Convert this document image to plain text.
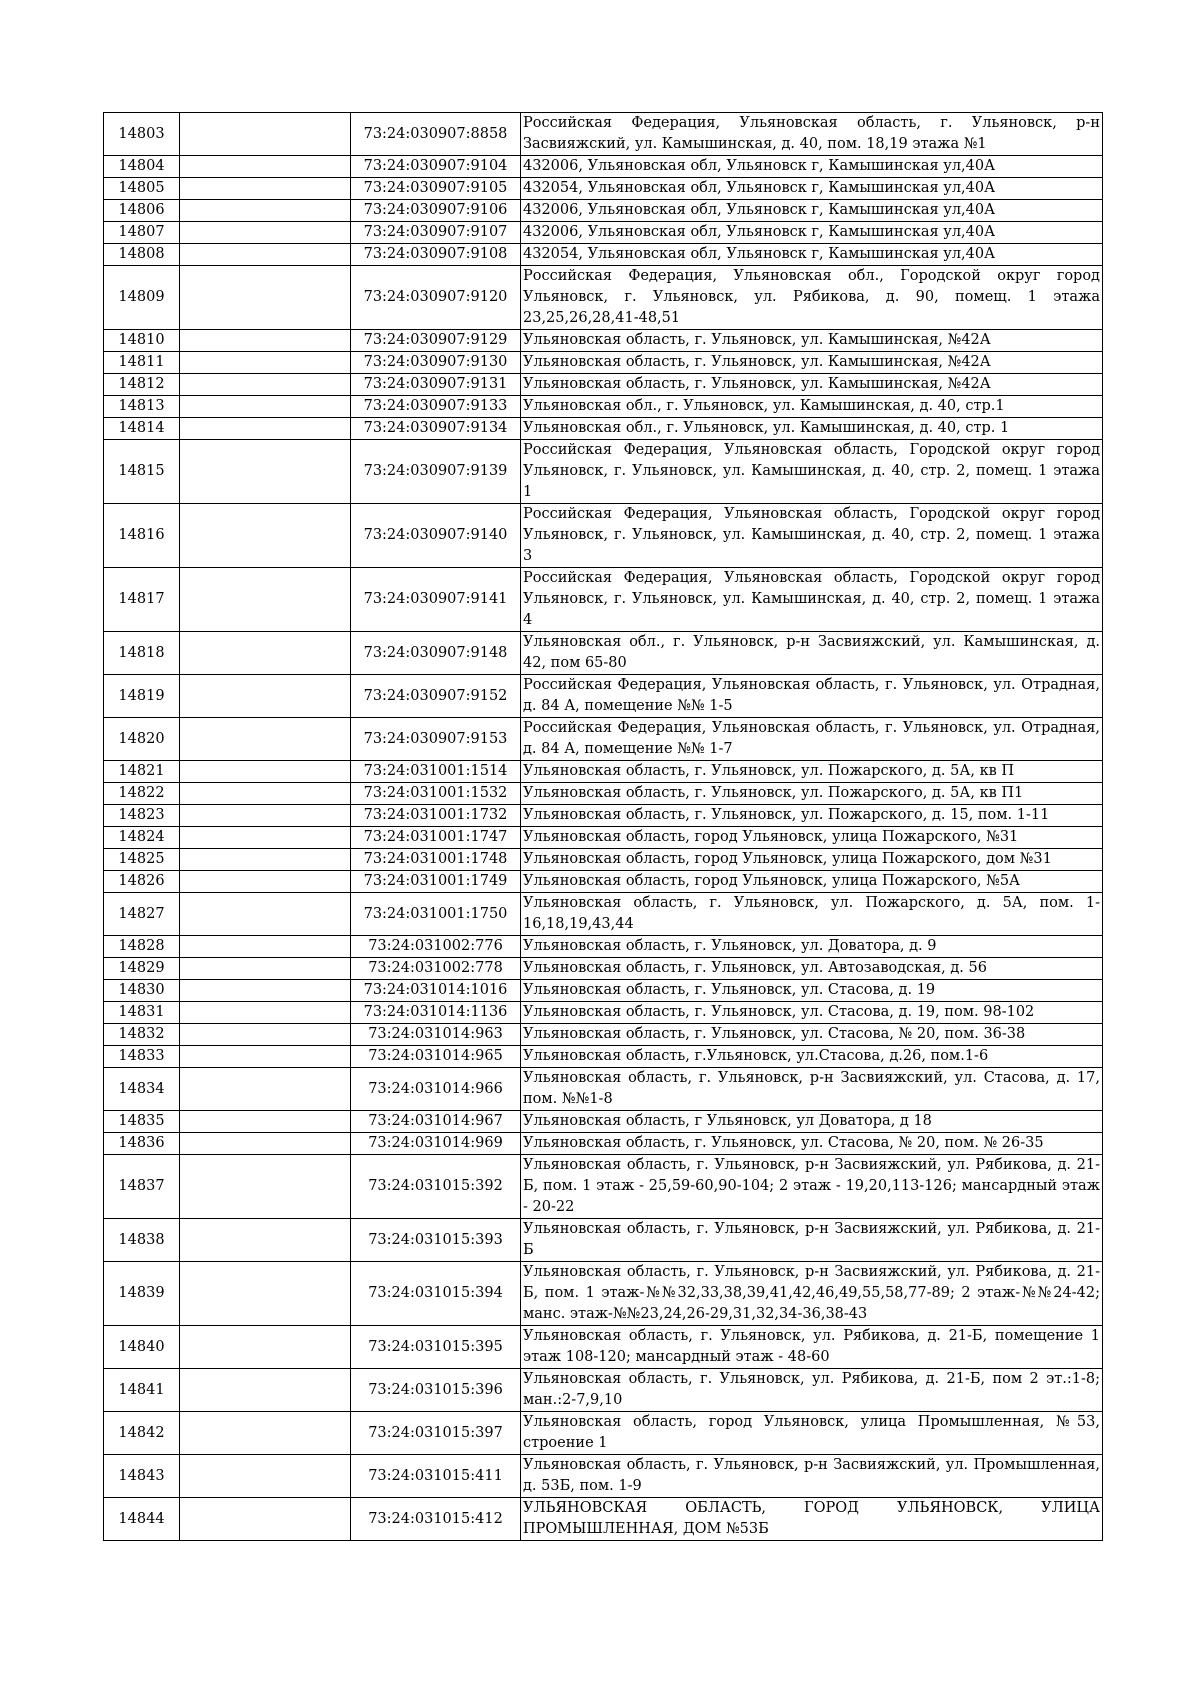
14803		73:24:030907:8858	Российская Федерация, Ульяновская область, г. Ульяновск, р-н Засвияжский, ул. Камышинская, д. 40, пом. 18,19 этажа №1
14804		73:24:030907:9104	432006, Ульяновская обл, Ульяновск г, Камышинская ул,40А
14805		73:24:030907:9105	432054, Ульяновская обл, Ульяновск г, Камышинская ул,40А
14806		73:24:030907:9106	432006, Ульяновская обл, Ульяновск г, Камышинская ул,40А
14807		73:24:030907:9107	432006, Ульяновская обл, Ульяновск г, Камышинская ул,40А
14808		73:24:030907:9108	432054, Ульяновская обл, Ульяновск г, Камышинская ул,40А
14809		73:24:030907:9120	Российская Федерация, Ульяновская обл., Городской округ город Ульяновск, г. Ульяновск, ул. Рябикова, д. 90, помещ. 1 этажа 23,25,26,28,41-48,51
14810		73:24:030907:9129	Ульяновская область, г. Ульяновск, ул. Камышинская, №42А
14811		73:24:030907:9130	Ульяновская область, г. Ульяновск, ул. Камышинская, №42А
14812		73:24:030907:9131	Ульяновская область, г. Ульяновск, ул. Камышинская, №42А
14813		73:24:030907:9133	Ульяновская обл., г. Ульяновск, ул. Камышинская, д. 40, стр.1
14814		73:24:030907:9134	Ульяновская обл., г. Ульяновск, ул. Камышинская, д. 40, стр. 1
14815		73:24:030907:9139	Российская Федерация, Ульяновская область, Городской округ город Ульяновск, г. Ульяновск, ул. Камышинская, д. 40, стр. 2, помещ. 1 этажа 1
14816		73:24:030907:9140	Российская Федерация, Ульяновская область, Городской округ город Ульяновск, г. Ульяновск, ул. Камышинская, д. 40, стр. 2, помещ. 1 этажа 3
14817		73:24:030907:9141	Российская Федерация, Ульяновская область, Городской округ город Ульяновск, г. Ульяновск, ул. Камышинская, д. 40, стр. 2, помещ. 1 этажа 4
14818		73:24:030907:9148	Ульяновская обл., г. Ульяновск, р-н Засвияжский, ул. Камышинская, д. 42, пом 65-80
14819		73:24:030907:9152	Российская Федерация, Ульяновская область, г. Ульяновск, ул. Отрадная, д. 84 А, помещение №№ 1-5
14820		73:24:030907:9153	Российская Федерация, Ульяновская область, г. Ульяновск, ул. Отрадная, д. 84 А, помещение №№ 1-7
14821		73:24:031001:1514	Ульяновская область, г. Ульяновск, ул. Пожарского, д. 5А, кв П
14822		73:24:031001:1532	Ульяновская область, г. Ульяновск, ул. Пожарского, д. 5А, кв П1
14823		73:24:031001:1732	Ульяновская область, г. Ульяновск, ул. Пожарского, д. 15, пом. 1-11
14824		73:24:031001:1747	Ульяновская область, город Ульяновск, улица Пожарского, №31
14825		73:24:031001:1748	Ульяновская область, город Ульяновск, улица Пожарского, дом №31
14826		73:24:031001:1749	Ульяновская область, город Ульяновск, улица Пожарского, №5А
14827		73:24:031001:1750	Ульяновская область, г. Ульяновск, ул. Пожарского, д. 5А, пом. 1-16,18,19,43,44
14828		73:24:031002:776	Ульяновская область, г. Ульяновск, ул. Доватора, д. 9
14829		73:24:031002:778	Ульяновская область, г. Ульяновск, ул. Автозаводская, д. 56
14830		73:24:031014:1016	Ульяновская область, г. Ульяновск, ул. Стасова, д. 19
14831		73:24:031014:1136	Ульяновская область, г. Ульяновск, ул. Стасова, д. 19, пом. 98-102
14832		73:24:031014:963	Ульяновская область, г. Ульяновск, ул. Стасова, № 20, пом. 36-38
14833		73:24:031014:965	Ульяновская область, г.Ульяновск, ул.Стасова, д.26, пом.1-6
14834		73:24:031014:966	Ульяновская область, г. Ульяновск, р-н Засвияжский, ул. Стасова, д. 17, пом. №№1-8
14835		73:24:031014:967	Ульяновская область, г Ульяновск, ул Доватора, д 18
14836		73:24:031014:969	Ульяновская область, г. Ульяновск, ул. Стасова, № 20, пом. № 26-35
14837		73:24:031015:392	Ульяновская область, г. Ульяновск, р-н Засвияжский, ул. Рябикова, д. 21-Б, пом. 1 этаж - 25,59-60,90-104; 2 этаж - 19,20,113-126; мансардный этаж - 20-22
14838		73:24:031015:393	Ульяновская область, г. Ульяновск, р-н Засвияжский, ул. Рябикова, д. 21-Б
14839		73:24:031015:394	Ульяновская область, г. Ульяновск, р-н Засвияжский, ул. Рябикова, д. 21-Б, пом. 1 этаж-№№32,33,38,39,41,42,46,49,55,58,77-89; 2 этаж-№№24-42; манс. этаж-№№23,24,26-29,31,32,34-36,38-43
14840		73:24:031015:395	Ульяновская область, г. Ульяновск, ул. Рябикова, д. 21-Б, помещение 1 этаж 108-120; мансардный этаж - 48-60
14841		73:24:031015:396	Ульяновская область, г. Ульяновск, ул. Рябикова, д. 21-Б, пом 2 эт.:1-8; ман.:2-7,9,10
14842		73:24:031015:397	Ульяновская область, город Ульяновск, улица Промышленная, №53, строение 1
14843		73:24:031015:411	Ульяновская область, г. Ульяновск, р-н Засвияжский, ул. Промышленная, д. 53Б, пом. 1-9
14844		73:24:031015:412	УЛЬЯНОВСКАЯ ОБЛАСТЬ, ГОРОД УЛЬЯНОВСК, УЛИЦА ПРОМЫШЛЕННАЯ, ДОМ №53Б
